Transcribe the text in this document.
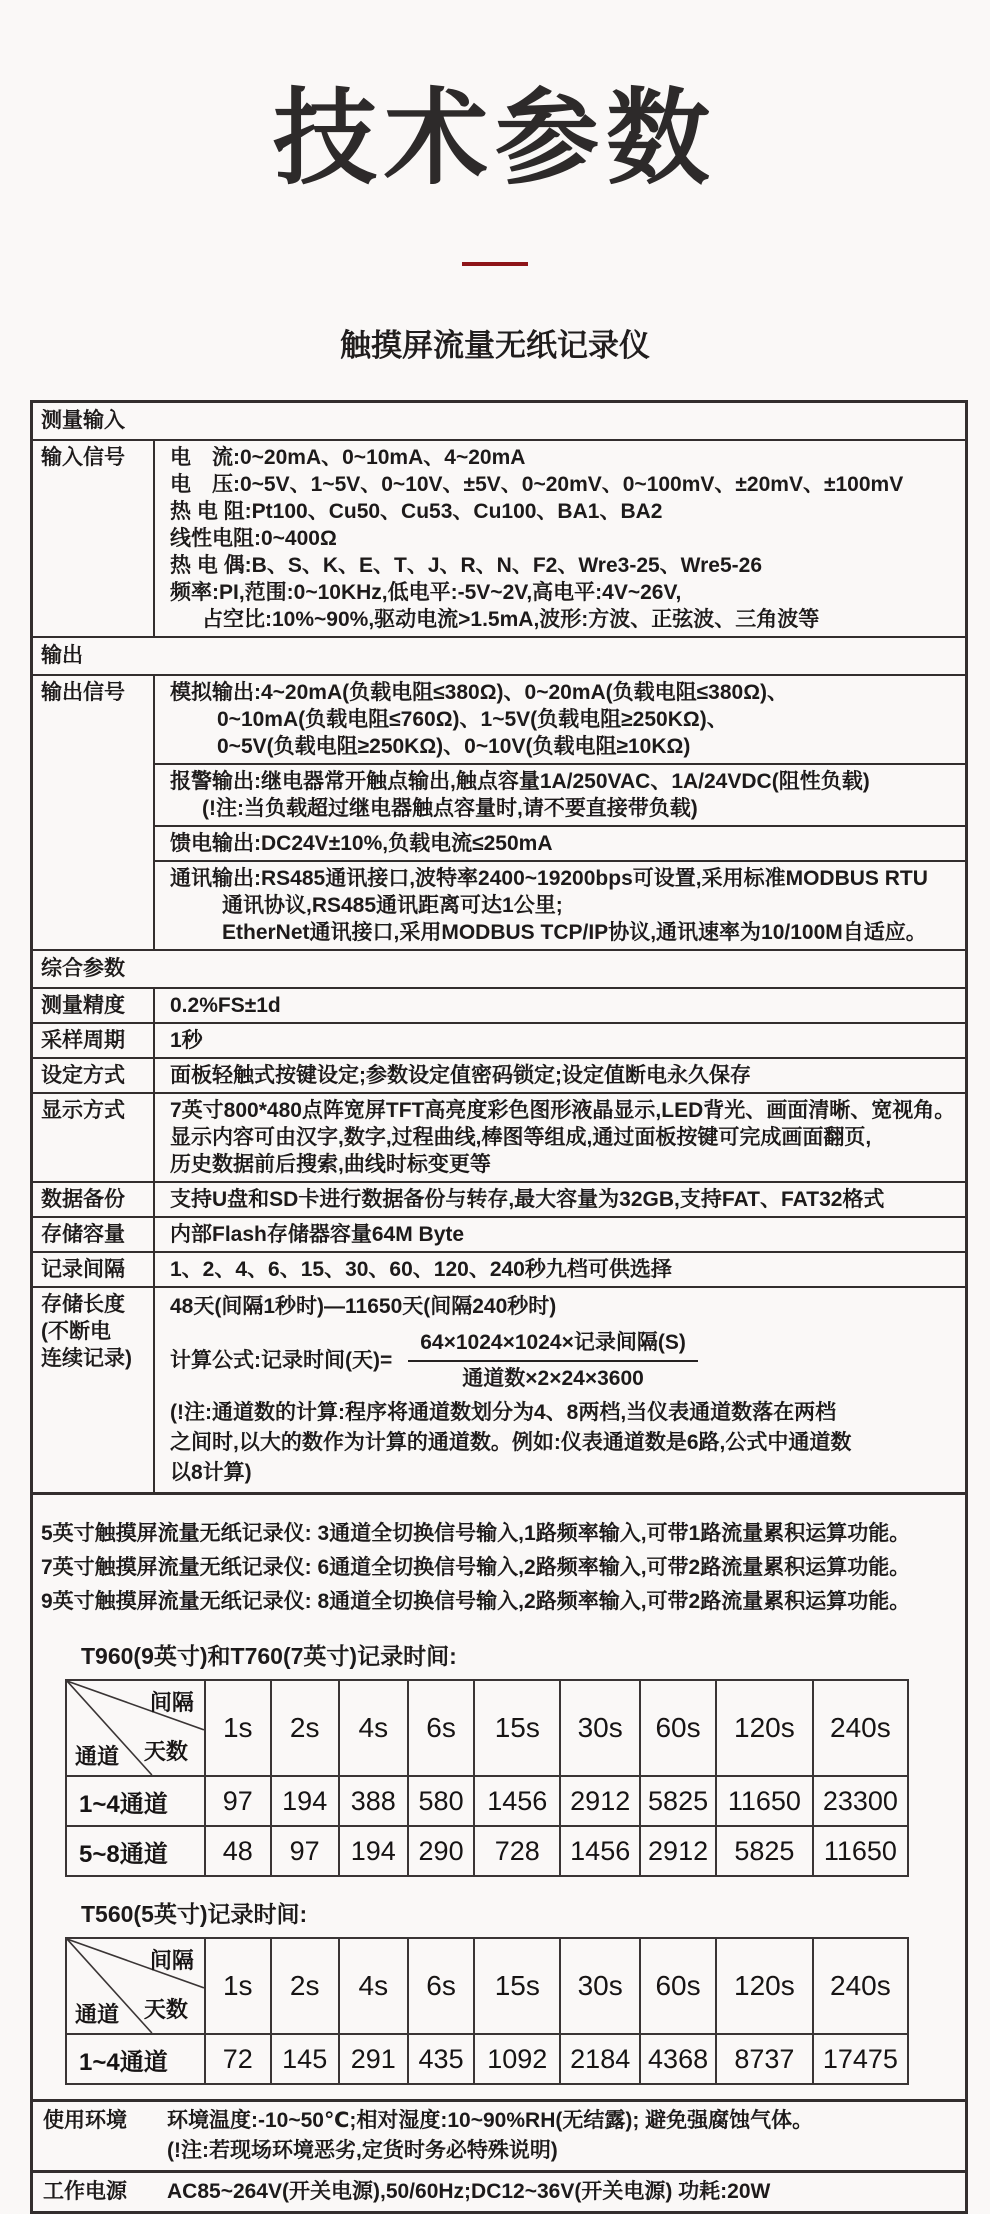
技术参数
触摸屏流量无纸记录仪
测量输入
输入信号	电　流:0~20mA、0~10mA、4~20mA
电　压:0~5V、1~5V、0~10V、±5V、0~20mV、0~100mV、±20mV、±100mV
热 电 阻:Pt100、Cu50、Cu53、Cu100、BA1、BA2
线性电阻:0~400Ω
热 电 偶:B、S、K、E、T、J、R、N、F2、Wre3-25、Wre5-26
频率:PI,范围:0~10KHz,低电平:-5V~2V,高电平:4V~26V,
占空比:10%~90%,驱动电流>1.5mA,波形:方波、正弦波、三角波等
输出
输出信号	模拟输出:4~20mA(负载电阻≤380Ω)、0~20mA(负载电阻≤380Ω)、
0~10mA(负载电阻≤760Ω)、1~5V(负载电阻≥250KΩ)、
0~5V(负载电阻≥250KΩ)、0~10V(负载电阻≥10KΩ)
报警输出:继电器常开触点输出,触点容量1A/250VAC、1A/24VDC(阻性负载)
(!注:当负载超过继电器触点容量时,请不要直接带负载)
馈电输出:DC24V±10%,负载电流≤250mA
通讯输出:RS485通讯接口,波特率2400~19200bps可设置,采用标准MODBUS RTU
通讯协议,RS485通讯距离可达1公里;
EtherNet通讯接口,采用MODBUS TCP/IP协议,通讯速率为10/100M自适应。
综合参数
测量精度	0.2%FS±1d
采样周期	1秒
设定方式	面板轻触式按键设定;参数设定值密码锁定;设定值断电永久保存
显示方式	7英寸800*480点阵宽屏TFT高亮度彩色图形液晶显示,LED背光、画面清晰、宽视角。
显示内容可由汉字,数字,过程曲线,棒图等组成,通过面板按键可完成画面翻页,
历史数据前后搜索,曲线时标变更等
数据备份	支持U盘和SD卡进行数据备份与转存,最大容量为32GB,支持FAT、FAT32格式
存储容量	内部Flash存储器容量64M Byte
记录间隔	1、2、4、6、15、30、60、120、240秒九档可供选择
存储长度
(不断电
连续记录)
48天(间隔1秒时)—11650天(间隔240秒时)
计算公式:记录时间(天)= $\frac{\text{64×1024×1024×记录间隔(S)}}{\text{通道数×2×24×3600}}$
(!注:通道数的计算:程序将通道数划分为4、8两档,当仪表通道数落在两档
之间时,以大的数作为计算的通道数。例如:仪表通道数是6路,公式中通道数
以8计算)

5英寸触摸屏流量无纸记录仪: 3通道全切换信号输入,1路频率输入,可带1路流量累积运算功能。

7英寸触摸屏流量无纸记录仪: 6通道全切换信号输入,2路频率输入,可带2路流量累积运算功能。

9英寸触摸屏流量无纸记录仪: 8通道全切换信号输入,2路频率输入,可带2路流量累积运算功能。

T960(9英寸)和T760(7英寸)记录时间:
间隔
天数
通道	1s	2s	4s	6s	15s	30s	60s	120s	240s
1~4通道	97	194	388	580	1456	2912	5825	11650	23300
5~8通道	48	97	194	290	728	1456	2912	5825	11650
T560(5英寸)记录时间:
间隔
天数
通道	1s	2s	4s	6s	15s	30s	60s	120s	240s
1~4通道	72	145	291	435	1092	2184	4368	8737	17475
使用环境	环境温度:-10~50℃;相对湿度:10~90%RH(无结露); 避免强腐蚀气体。
(!注:若现场环境恶劣,定货时务必特殊说明)
工作电源	AC85~264V(开关电源),50/60Hz;DC12~36V(开关电源) 功耗:20W
